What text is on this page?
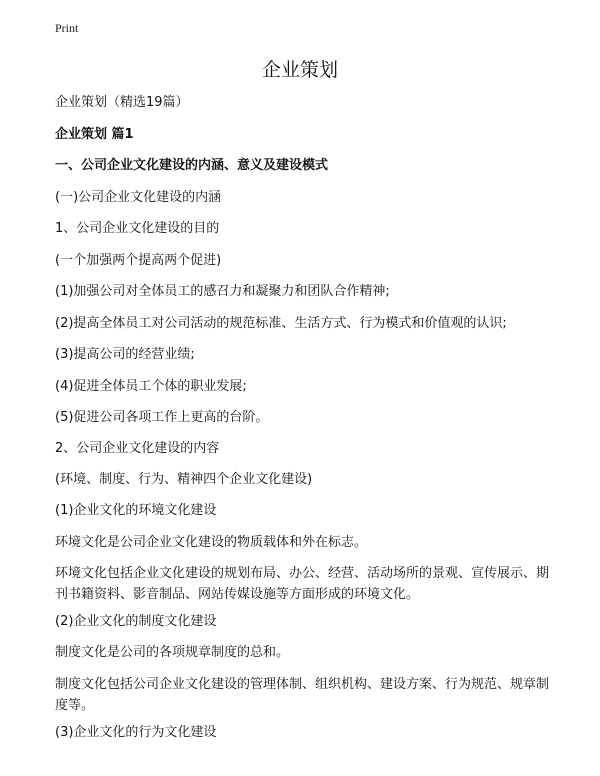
Print
企业策划
企业策划（精选19篇）
企业策划 篇1
一、公司企业文化建设的内涵、意义及建设模式
(一)公司企业文化建设的内涵
1、公司企业文化建设的目的
(一个加强两个提高两个促进)
(1)加强公司对全体员工的感召力和凝聚力和团队合作精神;
(2)提高全体员工对公司活动的规范标准、生活方式、行为模式和价值观的认识;
(3)提高公司的经营业绩;
(4)促进全体员工个体的职业发展;
(5)促进公司各项工作上更高的台阶。
2、公司企业文化建设的内容
(环境、制度、行为、精神四个企业文化建设)
(1)企业文化的环境文化建设
环境文化是公司企业文化建设的物质载体和外在标志。
环境文化包括企业文化建设的规划布局、办公、经营、活动场所的景观、宣传展示、期刊书籍资料、影音制品、网站传媒设施等方面形成的环境文化。
(2)企业文化的制度文化建设
制度文化是公司的各项规章制度的总和。
制度文化包括公司企业文化建设的管理体制、组织机构、建设方案、行为规范、规章制度等。
(3)企业文化的行为文化建设
